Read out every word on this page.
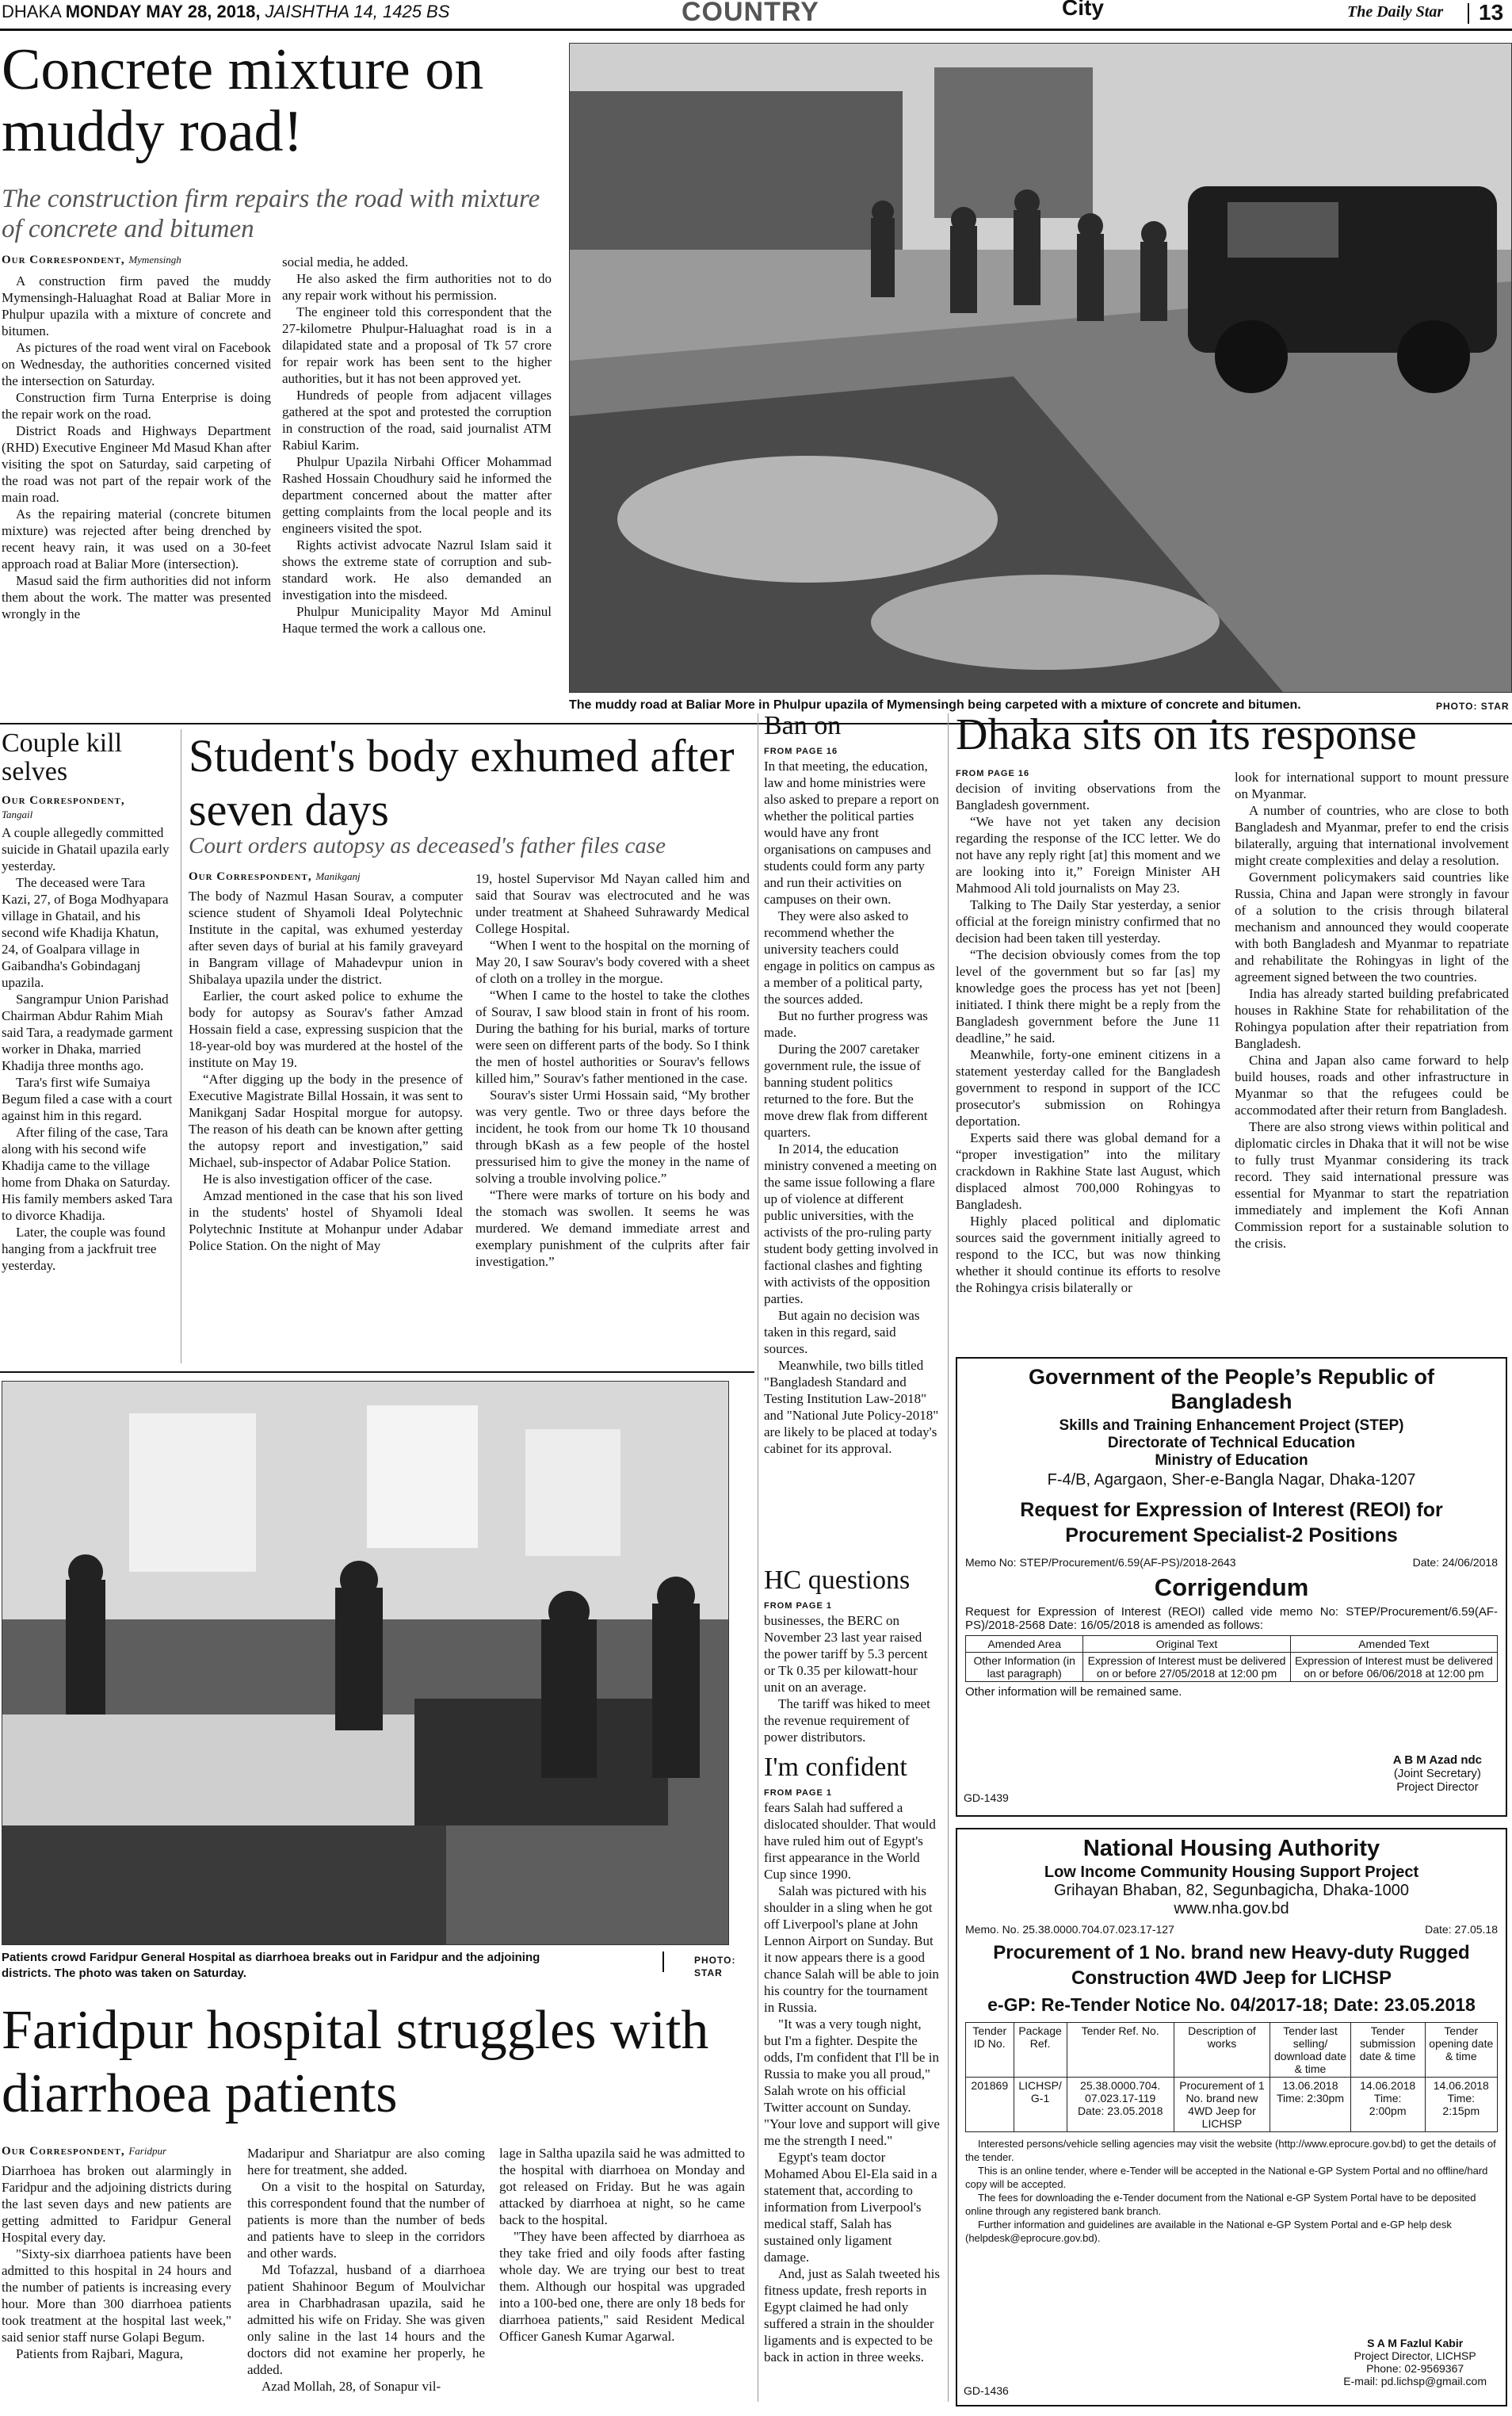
DHAKA MONDAY MAY 28, 2018, JAISHTHA 14, 1425 BS	COUNTRY	City	The Daily Star 13
Concrete mixture on muddy road!
The construction firm repairs the road with mixture of concrete and bitumen
Our Correspondent, Mymensingh

A construction firm paved the muddy Mymensingh-Haluaghat Road at Baliar More in Phulpur upazila with a mixture of concrete and bitumen.

As pictures of the road went viral on Facebook on Wednesday, the authorities concerned visited the intersection on Saturday.

Construction firm Turna Enterprise is doing the repair work on the road.

District Roads and Highways Department (RHD) Executive Engineer Md Masud Khan after visiting the spot on Saturday, said carpeting of the road was not part of the repair work of the main road.

As the repairing material (concrete bitumen mixture) was rejected after being drenched by recent heavy rain, it was used on a 30-feet approach road at Baliar More (intersection).

Masud said the firm authorities did not inform them about the work. The matter was presented wrongly in the

social media, he added.

He also asked the firm authorities not to do any repair work without his permission.

The engineer told this correspondent that the 27-kilometre Phulpur-Haluaghat road is in a dilapidated state and a proposal of Tk 57 crore for repair work has been sent to the higher authorities, but it has not been approved yet.

Hundreds of people from adjacent villages gathered at the spot and protested the corruption in construction of the road, said journalist ATM Rabiul Karim.

Phulpur Upazila Nirbahi Officer Mohammad Rashed Hossain Choudhury said he informed the department concerned about the matter after getting complaints from the local people and its engineers visited the spot.

Rights activist advocate Nazrul Islam said it shows the extreme state of corruption and sub-standard work. He also demanded an investigation into the misdeed.

Phulpur Municipality Mayor Md Aminul Haque termed the work a callous one.

The muddy road at Baliar More in Phulpur upazila of Mymensingh being carpeted with a mixture of concrete and bitumen.	PHOTO: STAR
Couple kill selves
Our Correspondent,
Tangail

A couple allegedly committed suicide in Ghatail upazila early yesterday.

The deceased were Tara Kazi, 27, of Boga Modhyapara village in Ghatail, and his second wife Khadija Khatun, 24, of Goalpara village in Gaibandha's Gobindaganj upazila.

Sangrampur Union Parishad Chairman Abdur Rahim Miah said Tara, a readymade garment worker in Dhaka, married Khadija three months ago.

Tara's first wife Sumaiya Begum filed a case with a court against him in this regard.

After filing of the case, Tara along with his second wife Khadija came to the village home from Dhaka on Saturday. His family members asked Tara to divorce Khadija.

Later, the couple was found hanging from a jackfruit tree yesterday.

Student's body exhumed after seven days
Court orders autopsy as deceased's father files case
Our Correspondent, Manikganj

The body of Nazmul Hasan Sourav, a computer science student of Shyamoli Ideal Polytechnic Institute in the capital, was exhumed yesterday after seven days of burial at his family graveyard in Bangram village of Mahadevpur union in Shibalaya upazila under the district.

Earlier, the court asked police to exhume the body for autopsy as Sourav's father Amzad Hossain field a case, expressing suspicion that the 18-year-old boy was murdered at the hostel of the institute on May 19.

“After digging up the body in the presence of Executive Magistrate Billal Hossain, it was sent to Manikganj Sadar Hospital morgue for autopsy. The reason of his death can be known after getting the autopsy report and investigation,” said Michael, sub-inspector of Adabar Police Station.

He is also investigation officer of the case.

Amzad mentioned in the case that his son lived in the students' hostel of Shyamoli Ideal Polytechnic Institute at Mohanpur under Adabar Police Station. On the night of May

19, hostel Supervisor Md Nayan called him and said that Sourav was electrocuted and he was under treatment at Shaheed Suhrawardy Medical College Hospital.

“When I went to the hospital on the morning of May 20, I saw Sourav's body covered with a sheet of cloth on a trolley in the morgue.

“When I came to the hostel to take the clothes of Sourav, I saw blood stain in front of his room. During the bathing for his burial, marks of torture were seen on different parts of the body. So I think the men of hostel authorities or Sourav's fellows killed him,” Sourav's father mentioned in the case.

Sourav's sister Urmi Hossain said, “My brother was very gentle. Two or three days before the incident, he took from our home Tk 10 thousand through bKash as a few people of the hostel pressurised him to give the money in the name of solving a trouble involving police.”

“There were marks of torture on his body and the stomach was swollen. It seems he was murdered. We demand immediate arrest and exemplary punishment of the culprits after fair investigation.”

Patients crowd Faridpur General Hospital as diarrhoea breaks out in Faridpur and the adjoining districts. The photo was taken on Saturday.
PHOTO:
STAR
Faridpur hospital struggles with diarrhoea patients
Our Correspondent, Faridpur

Diarrhoea has broken out alarmingly in Faridpur and the adjoining districts during the last seven days and new patients are getting admitted to Faridpur General Hospital every day.

"Sixty-six diarrhoea patients have been admitted to this hospital in 24 hours and the number of patients is increasing every hour. More than 300 diarrhoea patients took treatment at the hospital last week," said senior staff nurse Golapi Begum.

Patients from Rajbari, Magura,

Madaripur and Shariatpur are also coming here for treatment, she added.

On a visit to the hospital on Saturday, this correspondent found that the number of patients is more than the number of beds and patients have to sleep in the corridors and other wards.

Md Tofazzal, husband of a diarrhoea patient Shahinoor Begum of Moulvichar area in Charbhadrasan upazila, said he admitted his wife on Friday. She was given only saline in the last 14 hours and the doctors did not examine her properly, he added.

Azad Mollah, 28, of Sonapur vil-

lage in Saltha upazila said he was admitted to the hospital with diarrhoea on Monday and got released on Friday. But he was again attacked by diarrhoea at night, so he came back to the hospital.

"They have been affected by diarrhoea as they take fried and oily foods after fasting whole day. We are trying our best to treat them. Although our hospital was upgraded into a 100-bed one, there are only 18 beds for diarrhoea patients," said Resident Medical Officer Ganesh Kumar Agarwal.

Ban on
FROM PAGE 16

In that meeting, the education, law and home ministries were also asked to prepare a report on whether the political parties would have any front organisations on campuses and students could form any party and run their activities on campuses on their own.

They were also asked to recommend whether the university teachers could engage in politics on campus as a member of a political party, the sources added.

But no further progress was made.

During the 2007 caretaker government rule, the issue of banning student politics returned to the fore. But the move drew flak from different quarters.

In 2014, the education ministry convened a meeting on the same issue following a flare up of violence at different public universities, with the activists of the pro-ruling party student body getting involved in factional clashes and fighting with activists of the opposition parties.

But again no decision was taken in this regard, said sources.

Meanwhile, two bills titled "Bangladesh Standard and Testing Institution Law-2018" and "National Jute Policy-2018" are likely to be placed at today's cabinet for its approval.

HC questions
FROM PAGE 1

businesses, the BERC on November 23 last year raised the power tariff by 5.3 percent or Tk 0.35 per kilowatt-hour unit on an average.

The tariff was hiked to meet the revenue requirement of power distributors.

I'm confident
FROM PAGE 1

fears Salah had suffered a dislocated shoulder. That would have ruled him out of Egypt's first appearance in the World Cup since 1990.

Salah was pictured with his shoulder in a sling when he got off Liverpool's plane at John Lennon Airport on Sunday. But it now appears there is a good chance Salah will be able to join his country for the tournament in Russia.

"It was a very tough night, but I'm a fighter. Despite the odds, I'm confident that I'll be in Russia to make you all proud," Salah wrote on his official Twitter account on Sunday. "Your love and support will give me the strength I need."

Egypt's team doctor Mohamed Abou El-Ela said in a statement that, according to information from Liverpool's medical staff, Salah has sustained only ligament damage.

And, just as Salah tweeted his fitness update, fresh reports in Egypt claimed he had only suffered a strain in the shoulder ligaments and is expected to be back in action in three weeks.

Dhaka sits on its response
FROM PAGE 16

decision of inviting observations from the Bangladesh government.

“We have not yet taken any decision regarding the response of the ICC letter. We do not have any reply right [at] this moment and we are looking into it,” Foreign Minister AH Mahmood Ali told journalists on May 23.

Talking to The Daily Star yesterday, a senior official at the foreign ministry confirmed that no decision had been taken till yesterday.

“The decision obviously comes from the top level of the government but so far [as] my knowledge goes the process has yet not [been] initiated. I think there might be a reply from the Bangladesh government before the June 11 deadline,” he said.

Meanwhile, forty-one eminent citizens in a statement yesterday called for the Bangladesh government to respond in support of the ICC prosecutor's submission on Rohingya deportation.

Experts said there was global demand for a “proper investigation” into the military crackdown in Rakhine State last August, which displaced almost 700,000 Rohingyas to Bangladesh.

Highly placed political and diplomatic sources said the government initially agreed to respond to the ICC, but was now thinking whether it should continue its efforts to resolve the Rohingya crisis bilaterally or

look for international support to mount pressure on Myanmar.

A number of countries, who are close to both Bangladesh and Myanmar, prefer to end the crisis bilaterally, arguing that international involvement might create complexities and delay a resolution.

Government policymakers said countries like Russia, China and Japan were strongly in favour of a solution to the crisis through bilateral mechanism and announced they would cooperate with both Bangladesh and Myanmar to repatriate and rehabilitate the Rohingyas in light of the agreement signed between the two countries.

India has already started building prefabricated houses in Rakhine State for rehabilitation of the Rohingya population after their repatriation from Bangladesh.

China and Japan also came forward to help build houses, roads and other infrastructure in Myanmar so that the refugees could be accommodated after their return from Bangladesh.

There are also strong views within political and diplomatic circles in Dhaka that it will not be wise to fully trust Myanmar considering its track record. They said international pressure was essential for Myanmar to start the repatriation immediately and implement the Kofi Annan Commission report for a sustainable solution to the crisis.

Government of the People’s Republic of Bangladesh
Skills and Training Enhancement Project (STEP)
Directorate of Technical Education
Ministry of Education
F-4/B, Agargaon, Sher-e-Bangla Nagar, Dhaka-1207
Request for Expression of Interest (REOI) for Procurement Specialist-2 Positions
Memo No: STEP/Procurement/6.59(AF-PS)/2018-2643	Date: 24/06/2018
Corrigendum
Request for Expression of Interest (REOI) called vide memo No: STEP/Procurement/6.59(AF-PS)/2018-2568 Date: 16/05/2018 is amended as follows:
Amended Area	Original Text	Amended Text
Other Information (in last paragraph)	Expression of Interest must be delivered on or before 27/05/2018 at 12:00 pm	Expression of Interest must be delivered on or before 06/06/2018 at 12:00 pm
Other information will be remained same.
A B M Azad ndc
(Joint Secretary)
Project Director
GD-1439
National Housing Authority
Low Income Community Housing Support Project
Grihayan Bhaban, 82, Segunbagicha, Dhaka-1000
www.nha.gov.bd
Memo. No. 25.38.0000.704.07.023.17-127	Date: 27.05.18
Procurement of 1 No. brand new Heavy-duty Rugged Construction 4WD Jeep for LICHSP
e-GP: Re-Tender Notice No. 04/2017-18; Date: 23.05.2018
Tender ID No.	Package Ref.	Tender Ref. No.	Description of works	Tender last selling/ download date & time	Tender submission date & time	Tender opening date & time
201869	LICHSP/ G-1	25.38.0000.704. 07.023.17-119 Date: 23.05.2018	Procurement of 1 No. brand new 4WD Jeep for LICHSP	13.06.2018 Time: 2:30pm	14.06.2018 Time: 2:00pm	14.06.2018 Time: 2:15pm
Interested persons/vehicle selling agencies may visit the website (http://www.eprocure.gov.bd) to get the details of the tender.
This is an online tender, where e-Tender will be accepted in the National e-GP System Portal and no offline/hard copy will be accepted.
The fees for downloading the e-Tender document from the National e-GP System Portal have to be deposited online through any registered bank branch.
Further information and guidelines are available in the National e-GP System Portal and e-GP help desk (helpdesk@eprocure.gov.bd).
S A M Fazlul Kabir
Project Director, LICHSP
Phone: 02-9569367
E-mail: pd.lichsp@gmail.com
GD-1436
